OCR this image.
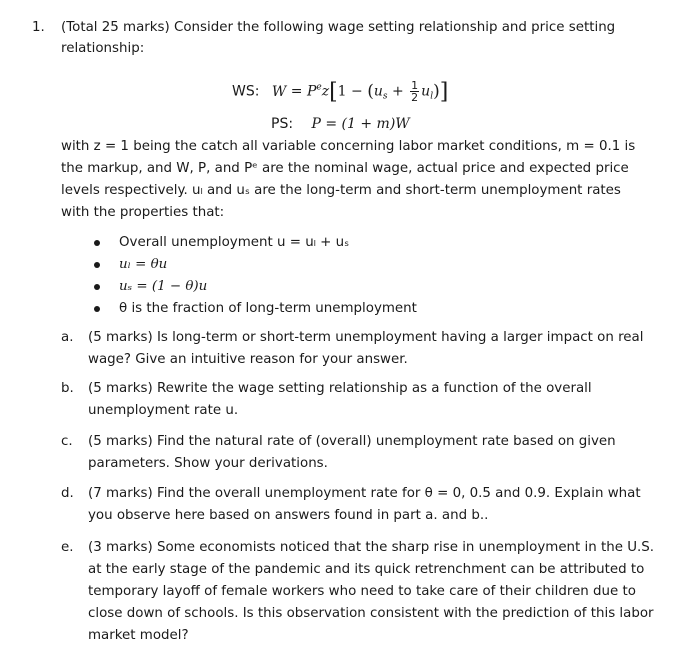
1. (Total 25 marks) Consider the following wage setting relationship and price setting
relationship:
WS: $W = P^ez[1 - (u_s + \frac{1}{2} u_l)]$
PS: P = (1 + m)W
with z = 1 being the catch all variable concerning labor market conditions, m = 0.1 is
the markup, and W, P, and Pᵉ are the nominal wage, actual price and expected price
levels respectively. uₗ and uₛ are the long-term and short-term unemployment rates
with the properties that:
Overall unemployment u = uₗ + uₛ
uₗ = θu
uₛ = (1 − θ)u
θ is the fraction of long-term unemployment
a. (5 marks) Is long-term or short-term unemployment having a larger impact on real
wage? Give an intuitive reason for your answer.
b. (5 marks) Rewrite the wage setting relationship as a function of the overall
unemployment rate u.
c. (5 marks) Find the natural rate of (overall) unemployment rate based on given
parameters. Show your derivations.
d. (7 marks) Find the overall unemployment rate for θ = 0, 0.5 and 0.9. Explain what
you observe here based on answers found in part a. and b..
e. (3 marks) Some economists noticed that the sharp rise in unemployment in the U.S.
at the early stage of the pandemic and its quick retrenchment can be attributed to
temporary layoff of female workers who need to take care of their children due to
close down of schools. Is this observation consistent with the prediction of this labor
market model?
